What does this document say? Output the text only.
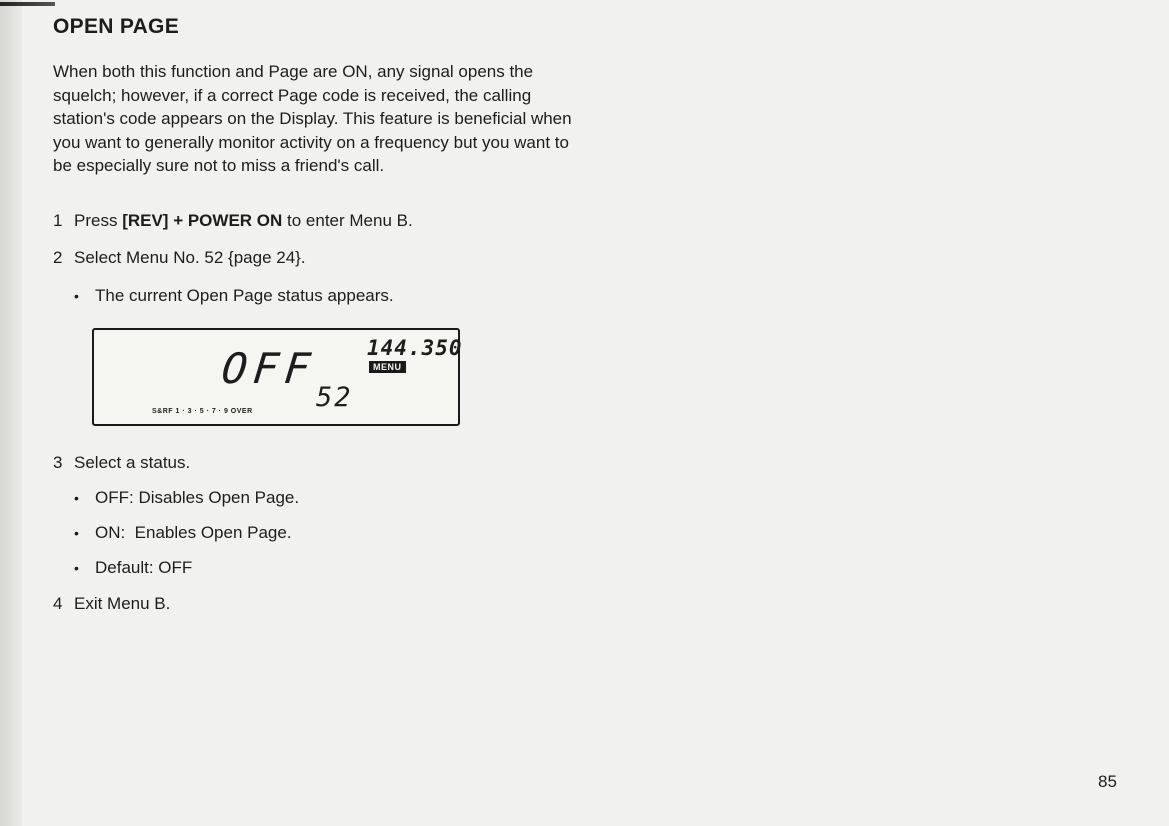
OPEN PAGE

When both this function and Page are ON, any signal opens the squelch; however, if a correct Page code is received, the calling station's code appears on the Display. This feature is beneficial when you want to generally monitor activity on a frequency but you want to be especially sure not to miss a friend's call.

1 Press [REV] + POWER ON to enter Menu B.

2 Select Menu No. 52 {page 24}.

• The current Open Page status appears.

OFF 144.350
MENU
52
S&RF 1 · 3 · 5 · 7 · 9 OVER

3 Select a status.

• OFF: Disables Open Page.

• ON:  Enables Open Page.

• Default: OFF

4 Exit Menu B.

85
